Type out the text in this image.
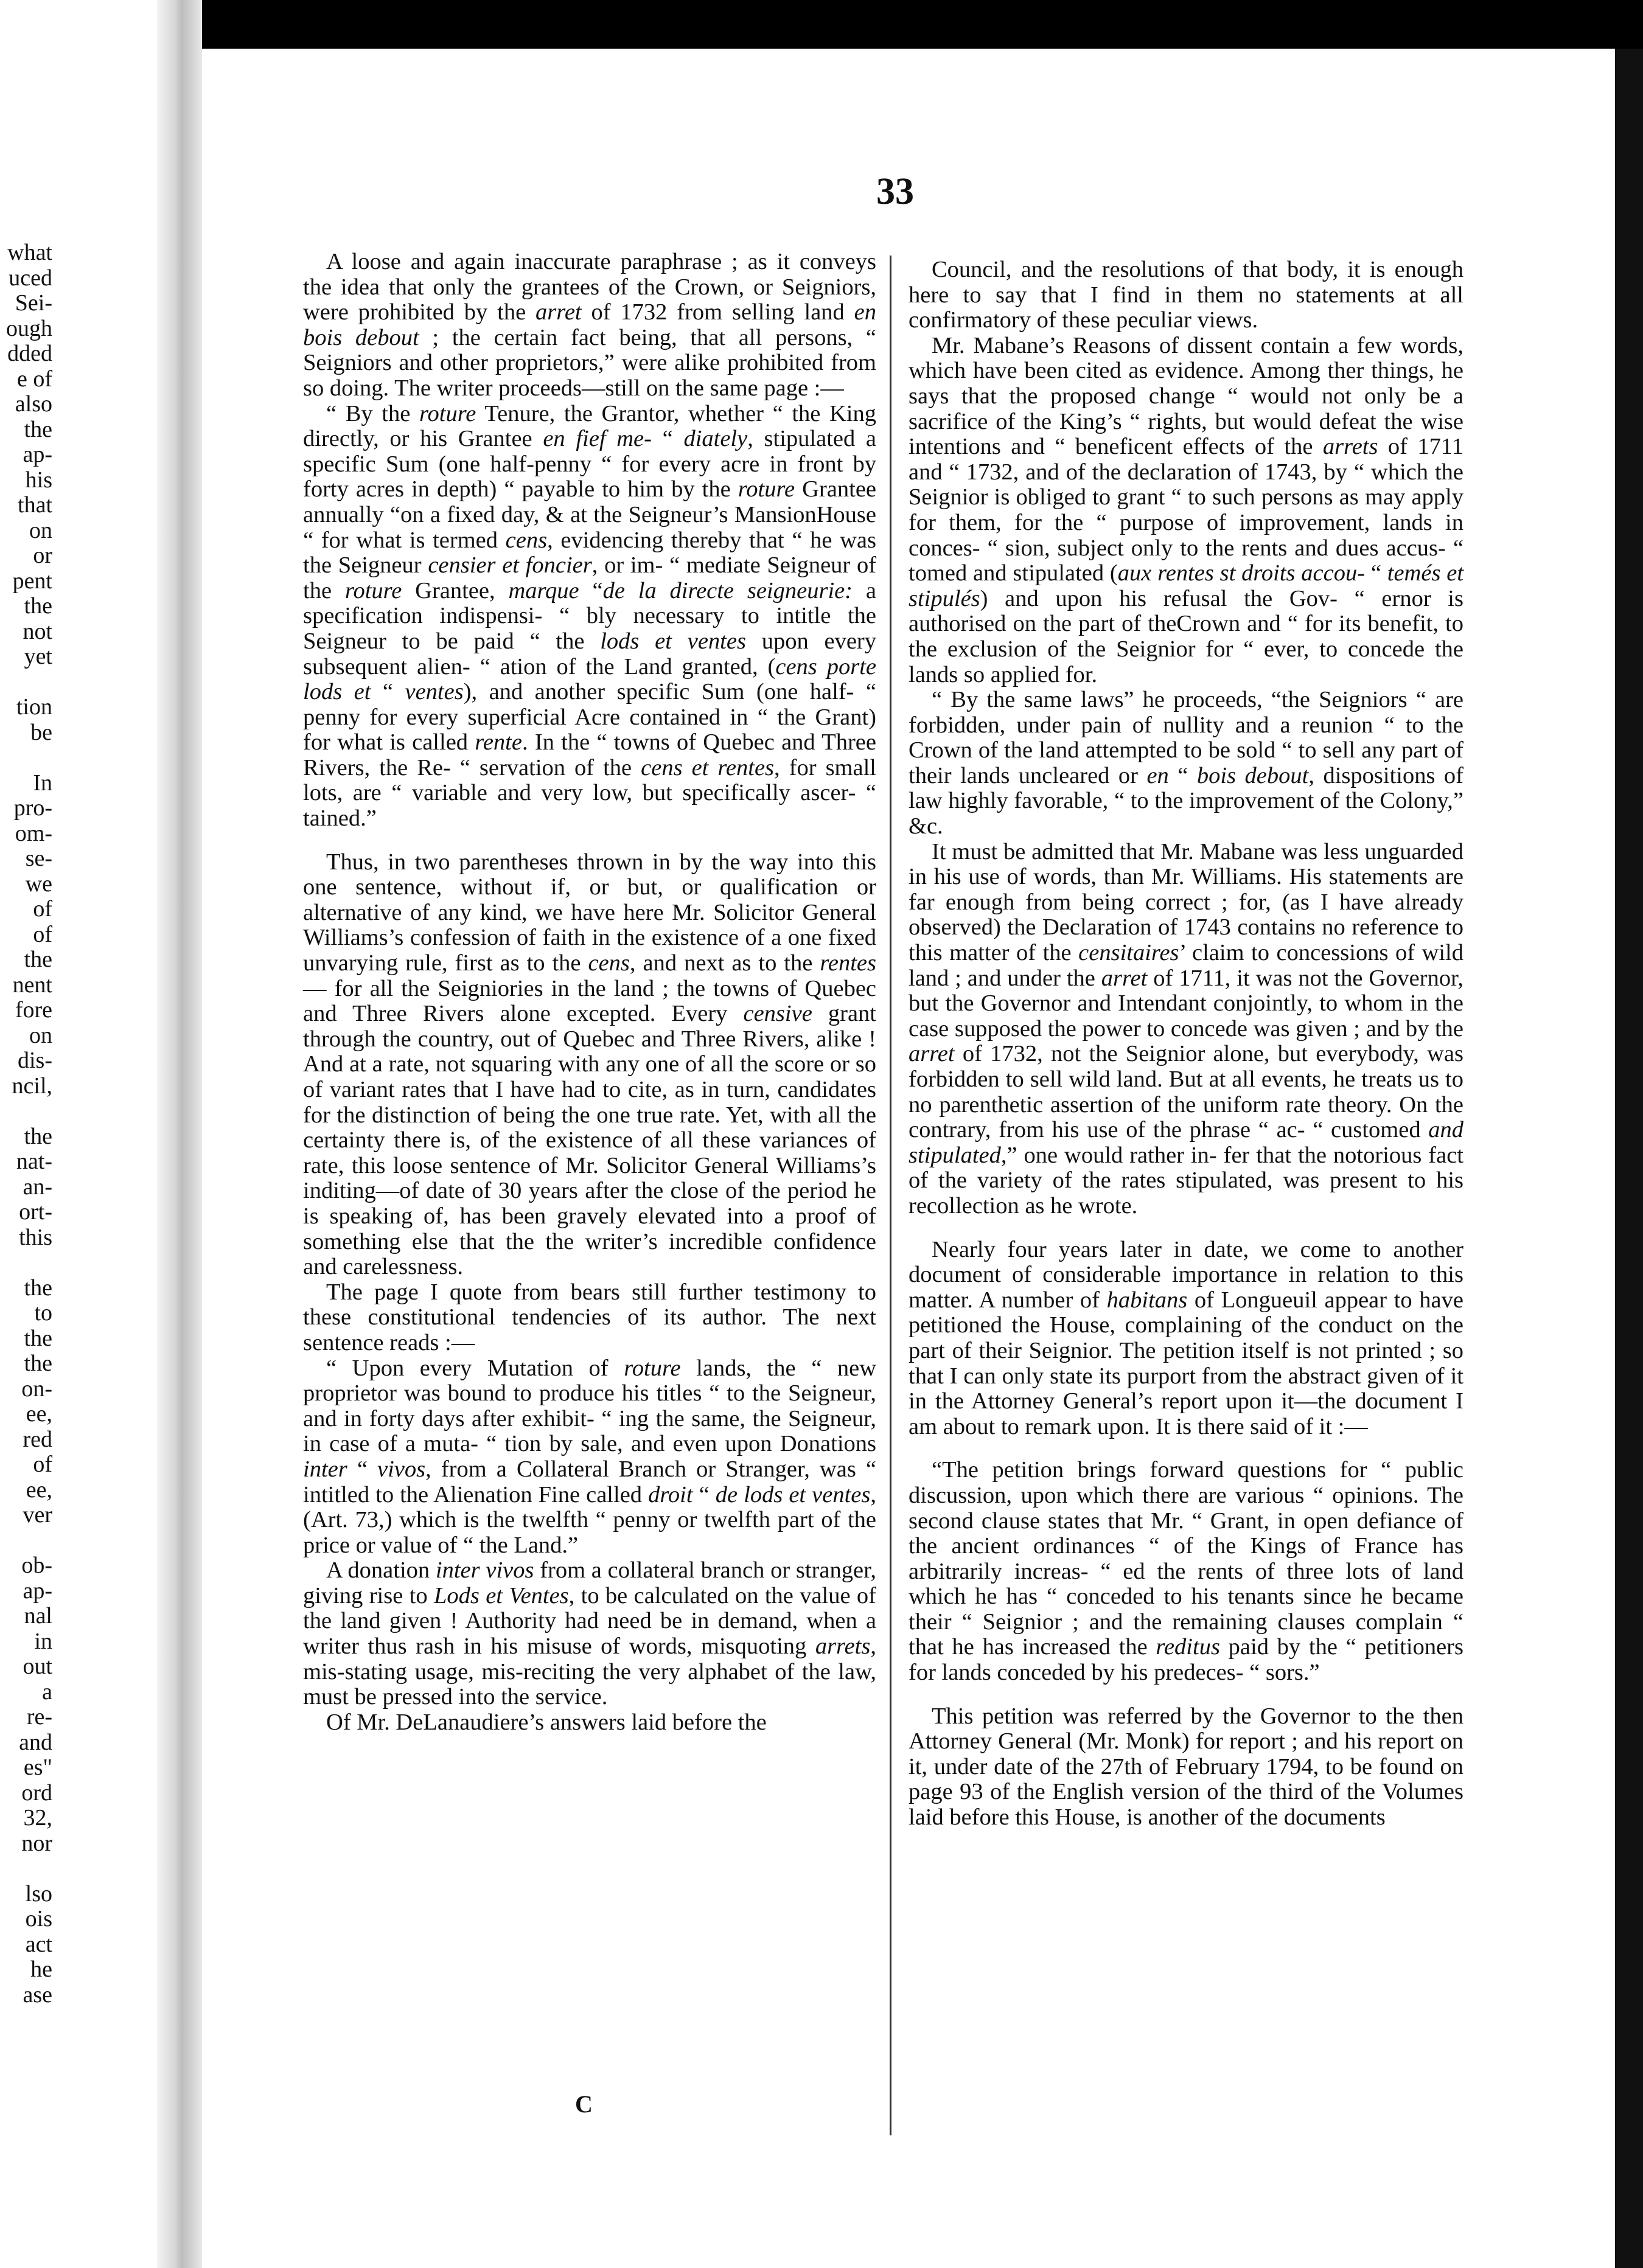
what
uced
Sei-
ough
dded
e of
also
the
ap-
his
that
on
or
pent
the
not
yet
tion
be
In
pro-
om-
se-
we
of
of
the
nent
fore
on
dis-
ncil,
the
nat-
an-
ort-
this
the
to
the
the
on-
ee,
red
of
ee,
ver
ob-
ap-
nal
in
out
a
re-
and
es"
ord
32,
nor
lso
ois
act
he
ase
33

A loose and again inaccurate paraphrase ; as it conveys the idea that only the grantees of the Crown, or Seigniors, were prohibited by the arret of 1732 from selling land en bois debout ; the certain fact being, that all persons, “ Seigniors and other proprietors,” were alike prohibited from so doing. The writer proceeds—still on the same page :—

“ By the roture Tenure, the Grantor, whether “ the King directly, or his Grantee en fief me- “ diately, stipulated a specific Sum (one half-penny “ for every acre in front by forty acres in depth) “ payable to him by the roture Grantee annually “on a fixed day, & at the Seigneur’s MansionHouse “ for what is termed cens, evidencing thereby that “ he was the Seigneur censier et foncier, or im- “ mediate Seigneur of the roture Grantee, marque “de la directe seigneurie: a specification indispensi- “ bly necessary to intitle the Seigneur to be paid “ the lods et ventes upon every subsequent alien- “ ation of the Land granted, (cens porte lods et “ ventes), and another specific Sum (one half- “ penny for every superficial Acre contained in “ the Grant) for what is called rente. In the “ towns of Quebec and Three Rivers, the Re- “ servation of the cens et rentes, for small lots, are “ variable and very low, but specifically ascer- “ tained.”

Thus, in two parentheses thrown in by the way into this one sentence, without if, or but, or qualification or alternative of any kind, we have here Mr. Solicitor General Williams’s confession of faith in the existence of a one fixed unvarying rule, first as to the cens, and next as to the rentes— for all the Seigniories in the land ; the towns of Quebec and Three Rivers alone excepted. Every censive grant through the country, out of Quebec and Three Rivers, alike ! And at a rate, not squaring with any one of all the score or so of variant rates that I have had to cite, as in turn, candidates for the distinction of being the one true rate. Yet, with all the certainty there is, of the existence of all these variances of rate, this loose sentence of Mr. Solicitor General Williams’s inditing—of date of 30 years after the close of the period he is speaking of, has been gravely elevated into a proof of something else that the the writer’s incredible confidence and carelessness.

The page I quote from bears still further testimony to these constitutional tendencies of its author. The next sentence reads :—

“ Upon every Mutation of roture lands, the “ new proprietor was bound to produce his titles “ to the Seigneur, and in forty days after exhibit- “ ing the same, the Seigneur, in case of a muta- “ tion by sale, and even upon Donations inter “ vivos, from a Collateral Branch or Stranger, was “ intitled to the Alienation Fine called droit “ de lods et ventes, (Art. 73,) which is the twelfth “ penny or twelfth part of the price or value of “ the Land.”

A donation inter vivos from a collateral branch or stranger, giving rise to Lods et Ventes, to be calculated on the value of the land given ! Authority had need be in demand, when a writer thus rash in his misuse of words, misquoting arrets, mis-stating usage, mis-reciting the very alphabet of the law, must be pressed into the service.

Of Mr. DeLanaudiere’s answers laid before the

Council, and the resolutions of that body, it is enough here to say that I find in them no statements at all confirmatory of these peculiar views.

Mr. Mabane’s Reasons of dissent contain a few words, which have been cited as evidence. Among ther things, he says that the proposed change “ would not only be a sacrifice of the King’s “ rights, but would defeat the wise intentions and “ beneficent effects of the arrets of 1711 and “ 1732, and of the declaration of 1743, by “ which the Seignior is obliged to grant “ to such persons as may apply for them, for the “ purpose of improvement, lands in conces- “ sion, subject only to the rents and dues accus- “ tomed and stipulated (aux rentes st droits accou- “ temés et stipulés) and upon his refusal the Gov- “ ernor is authorised on the part of theCrown and “ for its benefit, to the exclusion of the Seignior for “ ever, to concede the lands so applied for.

“ By the same laws” he proceeds, “the Seigniors “ are forbidden, under pain of nullity and a reunion “ to the Crown of the land attempted to be sold “ to sell any part of their lands uncleared or en “ bois debout, dispositions of law highly favorable, “ to the improvement of the Colony,” &c.

It must be admitted that Mr. Mabane was less unguarded in his use of words, than Mr. Williams. His statements are far enough from being correct ; for, (as I have already observed) the Declaration of 1743 contains no reference to this matter of the censitaires’ claim to concessions of wild land ; and under the arret of 1711, it was not the Governor, but the Governor and Intendant conjointly, to whom in the case supposed the power to concede was given ; and by the arret of 1732, not the Seignior alone, but everybody, was forbidden to sell wild land. But at all events, he treats us to no parenthetic assertion of the uniform rate theory. On the contrary, from his use of the phrase “ ac- “ customed and stipulated,” one would rather in- fer that the notorious fact of the variety of the rates stipulated, was present to his recollection as he wrote.

Nearly four years later in date, we come to another document of considerable importance in relation to this matter. A number of habitans of Longueuil appear to have petitioned the House, complaining of the conduct on the part of their Seignior. The petition itself is not printed ; so that I can only state its purport from the abstract given of it in the Attorney General’s report upon it—the document I am about to remark upon. It is there said of it :—

“The petition brings forward questions for “ public discussion, upon which there are various “ opinions. The second clause states that Mr. “ Grant, in open defiance of the ancient ordinances “ of the Kings of France has arbitrarily increas- “ ed the rents of three lots of land which he has “ conceded to his tenants since he became their “ Seignior ; and the remaining clauses complain “ that he has increased the reditus paid by the “ petitioners for lands conceded by his predeces- “ sors.”

This petition was referred by the Governor to the then Attorney General (Mr. Monk) for report ; and his report on it, under date of the 27th of February 1794, to be found on page 93 of the English version of the third of the Volumes laid before this House, is another of the documents

C
